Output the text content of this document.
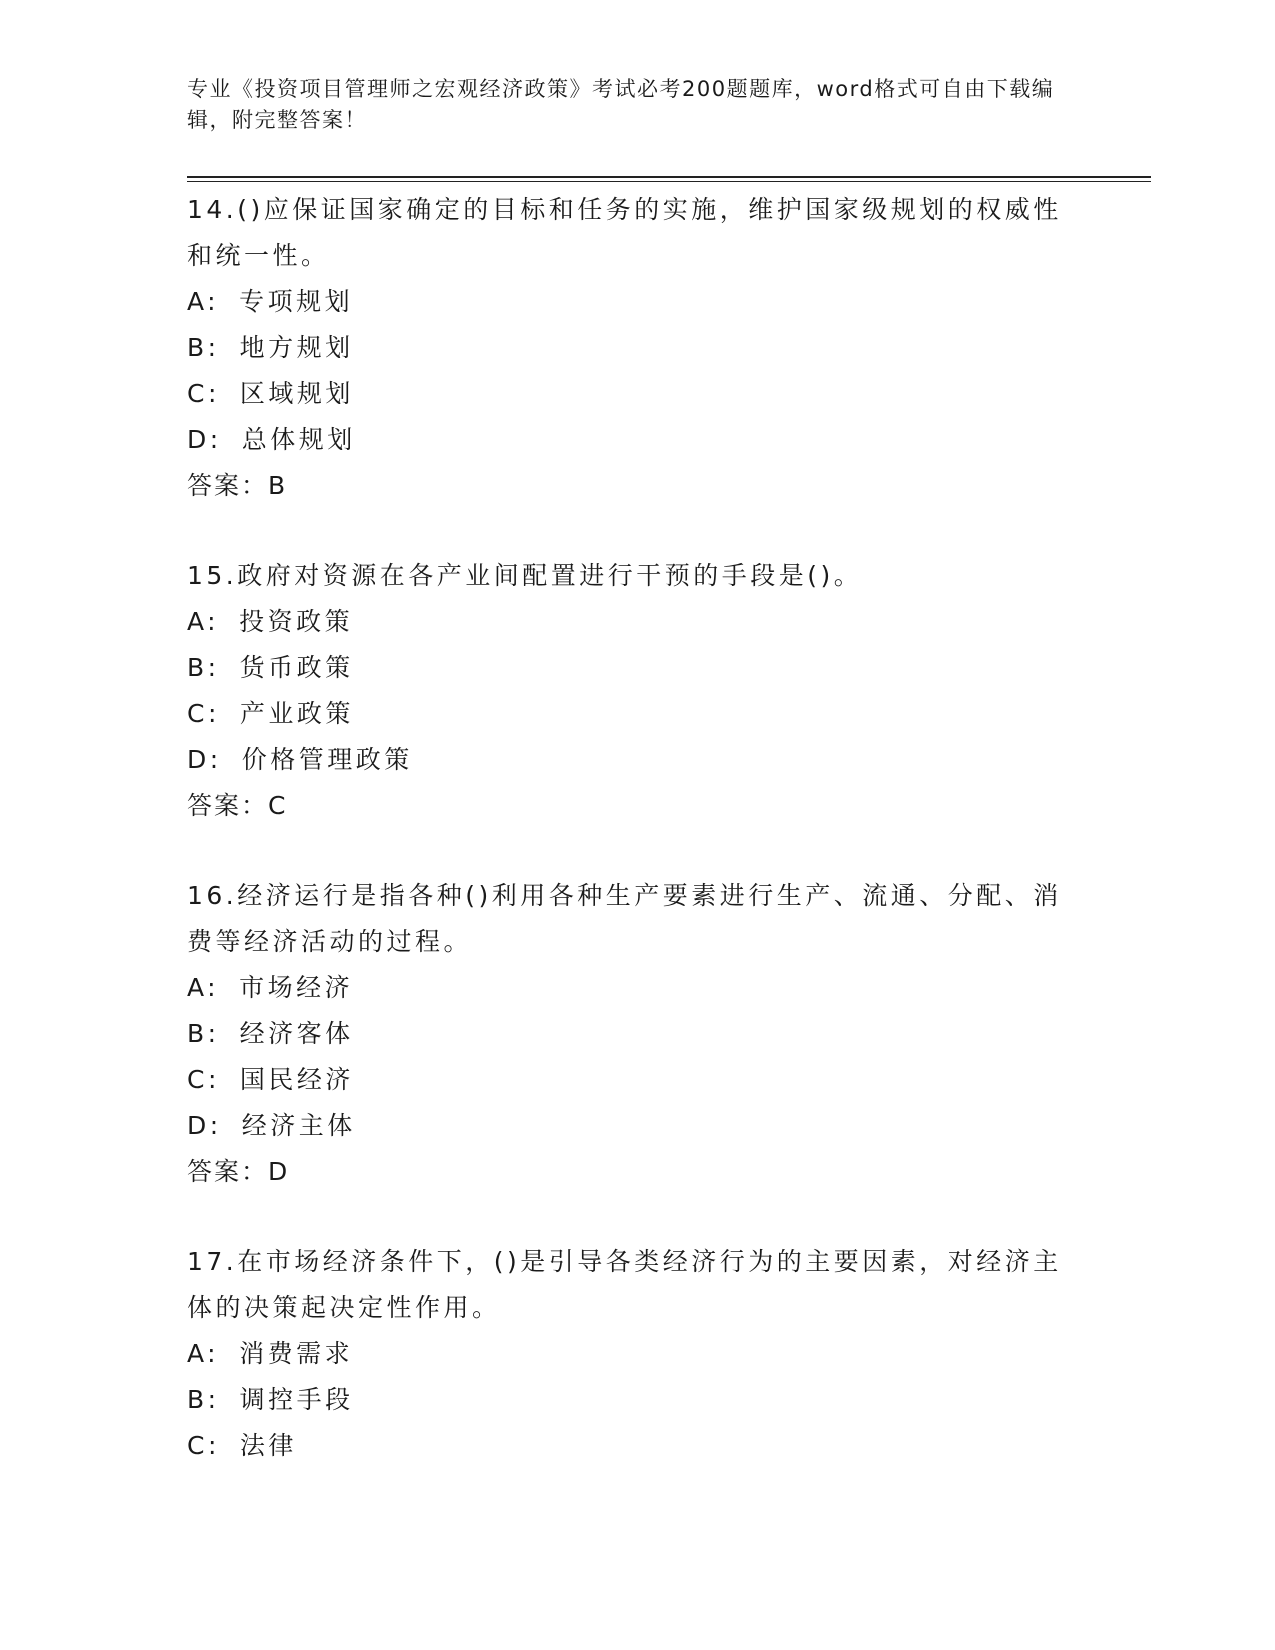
专业《投资项目管理师之宏观经济政策》考试必考200题题库，word格式可自由下载编辑，附完整答案！

14.()应保证国家确定的目标和任务的实施，维护国家级规划的权威性和统一性。

A: 专项规划

B: 地方规划

C: 区域规划

D: 总体规划

答案：B

15.政府对资源在各产业间配置进行干预的手段是()。

A: 投资政策

B: 货币政策

C: 产业政策

D: 价格管理政策

答案：C

16.经济运行是指各种()利用各种生产要素进行生产、流通、分配、消费等经济活动的过程。

A: 市场经济

B: 经济客体

C: 国民经济

D: 经济主体

答案：D

17.在市场经济条件下，()是引导各类经济行为的主要因素，对经济主体的决策起决定性作用。

A: 消费需求

B: 调控手段

C: 法律
